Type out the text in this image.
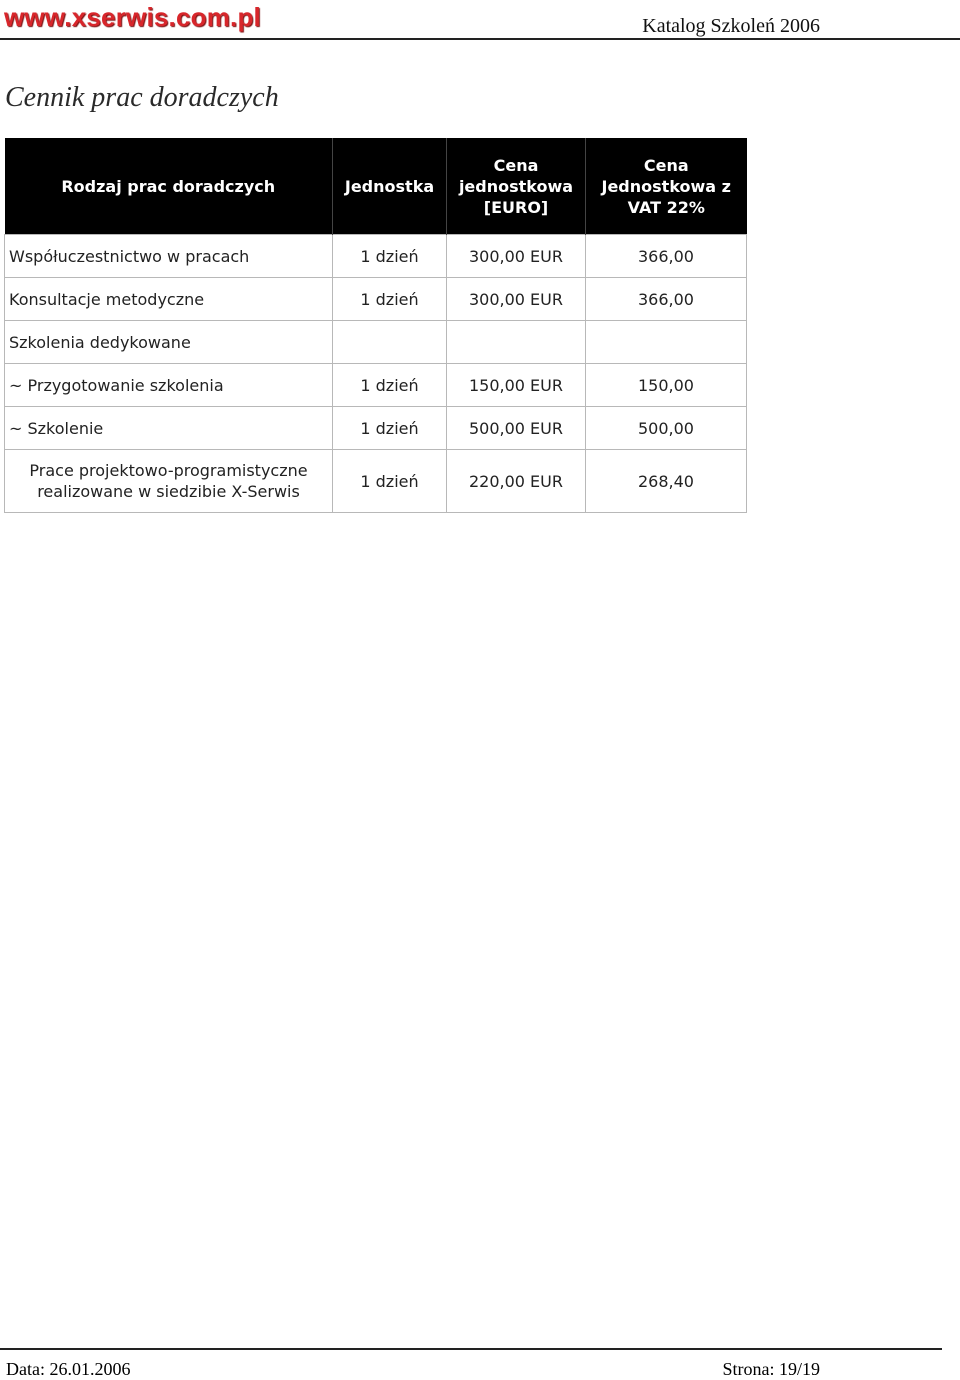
www.xserwis.com.pl	Katalog Szkoleń 2006
Cennik prac doradczych
Rodzaj prac doradczych	Jednostka	Cena jednostkowa [EURO]	Cena Jednostkowa z VAT 22%
Współuczestnictwo w pracach	1 dzień	300,00 EUR	366,00
Konsultacje metodyczne	1 dzień	300,00 EUR	366,00
Szkolenia dedykowane			
~ Przygotowanie szkolenia	1 dzień	150,00 EUR	150,00
~ Szkolenie	1 dzień	500,00 EUR	500,00
Prace projektowo-programistyczne realizowane w siedzibie X-Serwis	1 dzień	220,00 EUR	268,40
Data: 26.01.2006	Strona: 19/19
